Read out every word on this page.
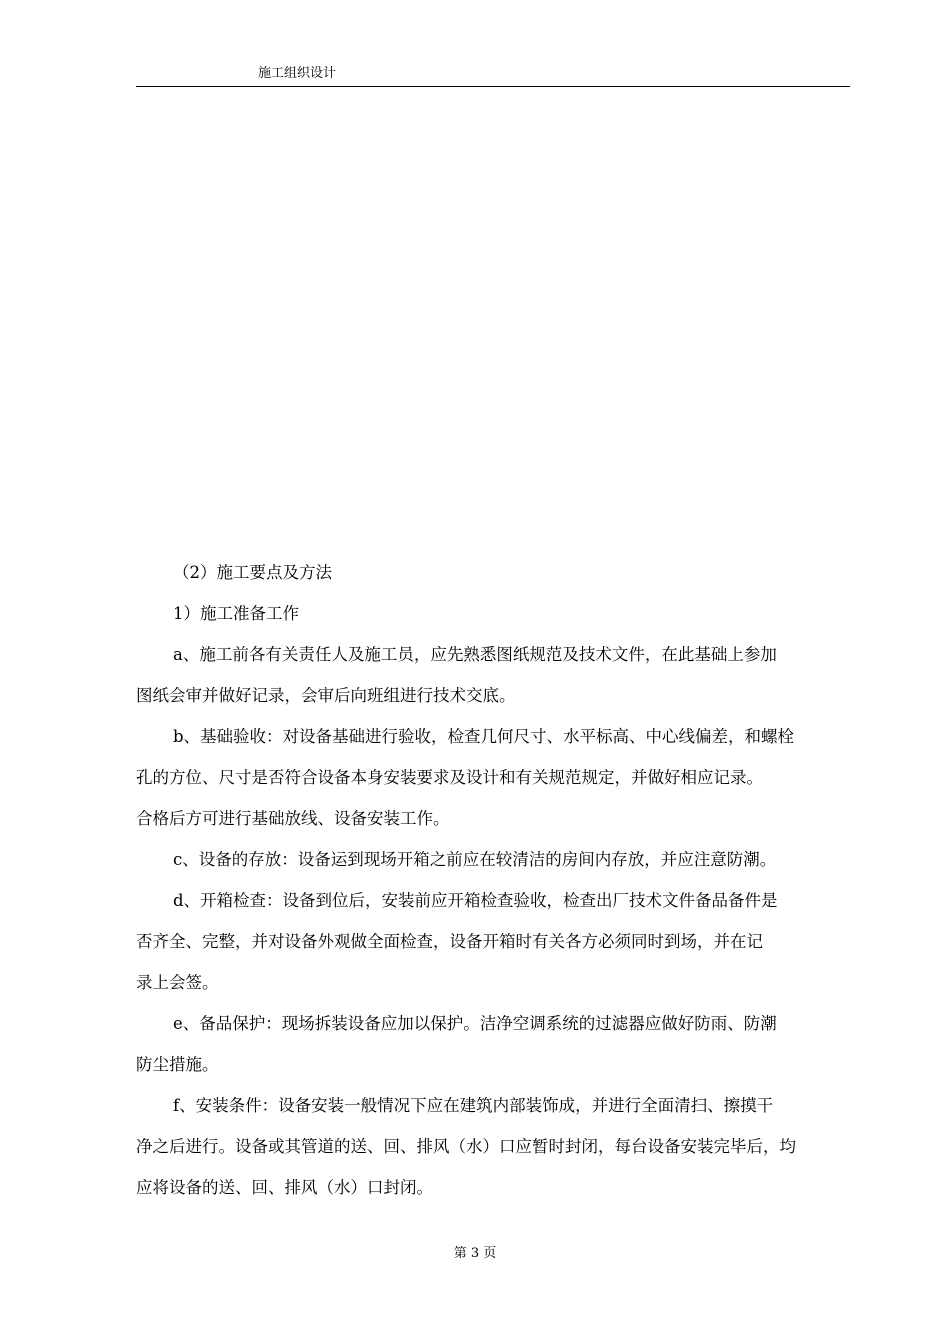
施工组织设计
（2）施工要点及方法
1）施工准备工作
a、施工前各有关责任人及施工员，应先熟悉图纸规范及技术文件，在此基础上参加
图纸会审并做好记录，会审后向班组进行技术交底。
b、基础验收：对设备基础进行验收，检查几何尺寸、水平标高、中心线偏差，和螺栓
孔的方位、尺寸是否符合设备本身安装要求及设计和有关规范规定，并做好相应记录。
合格后方可进行基础放线、设备安装工作。
c、设备的存放：设备运到现场开箱之前应在较清洁的房间内存放，并应注意防潮。
d、开箱检查：设备到位后，安装前应开箱检查验收，检查出厂技术文件备品备件是
否齐全、完整，并对设备外观做全面检查，设备开箱时有关各方必须同时到场，并在记
录上会签。
e、备品保护：现场拆装设备应加以保护。洁净空调系统的过滤器应做好防雨、防潮
防尘措施。
f、安装条件：设备安装一般情况下应在建筑内部装饰成，并进行全面清扫、擦摸干
净之后进行。设备或其管道的送、回、排风（水）口应暂时封闭，每台设备安装完毕后，均
应将设备的送、回、排风（水）口封闭。
第 3 页
